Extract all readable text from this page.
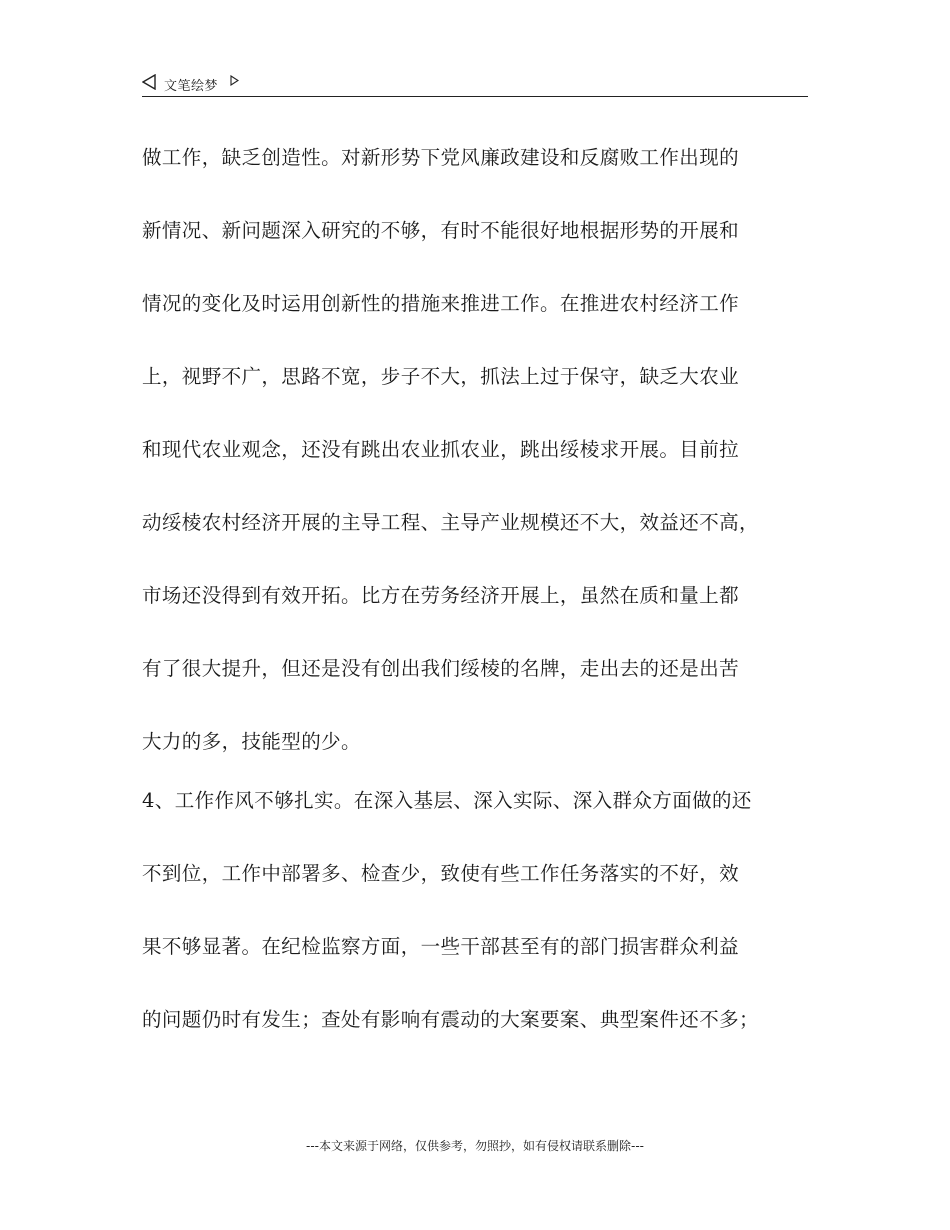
文笔绘梦
做工作，缺乏创造性。对新形势下党风廉政建设和反腐败工作出现的
新情况、新问题深入研究的不够，有时不能很好地根据形势的开展和
情况的变化及时运用创新性的措施来推进工作。在推进农村经济工作
上，视野不广，思路不宽，步子不大，抓法上过于保守，缺乏大农业
和现代农业观念，还没有跳出农业抓农业，跳出绥棱求开展。目前拉
动绥棱农村经济开展的主导工程、主导产业规模还不大，效益还不高，
市场还没得到有效开拓。比方在劳务经济开展上，虽然在质和量上都
有了很大提升，但还是没有创出我们绥棱的名牌，走出去的还是出苦
大力的多，技能型的少。
4、工作作风不够扎实。在深入基层、深入实际、深入群众方面做的还
不到位，工作中部署多、检查少，致使有些工作任务落实的不好，效
果不够显著。在纪检监察方面，一些干部甚至有的部门损害群众利益
的问题仍时有发生；查处有影响有震动的大案要案、典型案件还不多；
---本文来源于网络，仅供参考，勿照抄，如有侵权请联系删除---
